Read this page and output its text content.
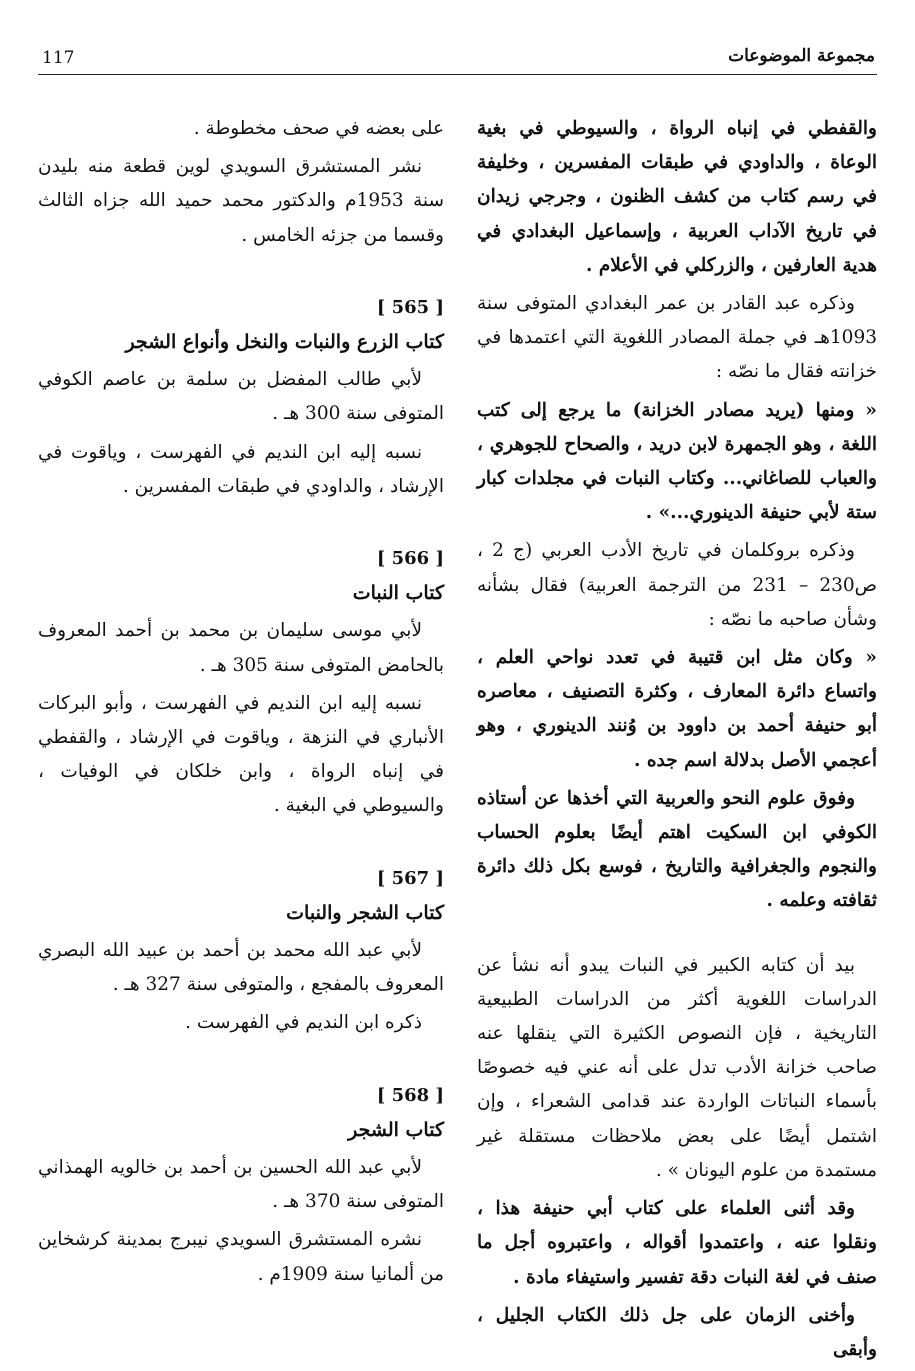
117	مجموعة الموضوعات

والقفطي في إنباه الرواة ، والسيوطي في بغية الوعاة ، والداودي في طبقات المفسرين ، وخليفة في رسم كتاب من كشف الظنون ، وجرجي زيدان في تاريخ الآداب العربية ، وإسماعيل البغدادي في هدية العارفين ، والزركلي في الأعلام .

وذكره عبد القادر بن عمر البغدادي المتوفى سنة 1093هـ في جملة المصادر اللغوية التي اعتمدها في خزانته فقال ما نصّه :

« ومنها (يريد مصادر الخزانة) ما يرجع إلى كتب اللغة ، وهو الجمهرة لابن دريد ، والصحاح للجوهري ، والعباب للصاغاني... وكتاب النبات في مجلدات كبار ستة لأبي حنيفة الدينوري...» .

وذكره بروكلمان في تاريخ الأدب العربي (ج 2 ، ص230 – 231 من الترجمة العربية) فقال بشأنه وشأن صاحبه ما نصّه :

« وكان مثل ابن قتيبة في تعدد نواحي العلم ، واتساع دائرة المعارف ، وكثرة التصنيف ، معاصره أبو حنيفة أحمد بن داوود بن وُنند الدينوري ، وهو أعجمي الأصل بدلالة اسم جده .

وفوق علوم النحو والعربية التي أخذها عن أستاذه الكوفي ابن السكيت اهتم أيضًا بعلوم الحساب والنجوم والجغرافية والتاريخ ، فوسع بكل ذلك دائرة ثقافته وعلمه .

بيد أن كتابه الكبير في النبات يبدو أنه نشأ عن الدراسات اللغوية أكثر من الدراسات الطبيعية التاريخية ، فإن النصوص الكثيرة التي ينقلها عنه صاحب خزانة الأدب تدل على أنه عني فيه خصوصًا بأسماء النباتات الواردة عند قدامى الشعراء ، وإن اشتمل أيضًا على بعض ملاحظات مستقلة غير مستمدة من علوم اليونان » .

وقد أثنى العلماء على كتاب أبي حنيفة هذا ، ونقلوا عنه ، واعتمدوا أقواله ، واعتبروه أجل ما صنف في لغة النبات دقة تفسير واستيفاء مادة .

وأخنى الزمان على جل ذلك الكتاب الجليل ، وأبقى

على بعضه في صحف مخطوطة .

نشر المستشرق السويدي لوين قطعة منه بليدن سنة 1953م والدكتور محمد حميد الله جزاه الثالث وقسما من جزئه الخامس .

[ 565 ]

كتاب الزرع والنبات والنخل وأنواع الشجر

لأبي طالب المفضل بن سلمة بن عاصم الكوفي المتوفى سنة 300 هـ .

نسبه إليه ابن النديم في الفهرست ، وياقوت في الإرشاد ، والداودي في طبقات المفسرين .

[ 566 ]

كتاب النبات

لأبي موسى سليمان بن محمد بن أحمد المعروف بالحامض المتوفى سنة 305 هـ .

نسبه إليه ابن النديم في الفهرست ، وأبو البركات الأنباري في النزهة ، وياقوت في الإرشاد ، والقفطي في إنباه الرواة ، وابن خلكان في الوفيات ، والسيوطي في البغية .

[ 567 ]

كتاب الشجر والنبات

لأبي عبد الله محمد بن أحمد بن عبيد الله البصري المعروف بالمفجع ، والمتوفى سنة 327 هـ .

ذكره ابن النديم في الفهرست .

[ 568 ]

كتاب الشجر

لأبي عبد الله الحسين بن أحمد بن خالويه الهمذاني المتوفى سنة 370 هـ .

نشره المستشرق السويدي نيبرج بمدينة كرشخاين من ألمانيا سنة 1909م .
